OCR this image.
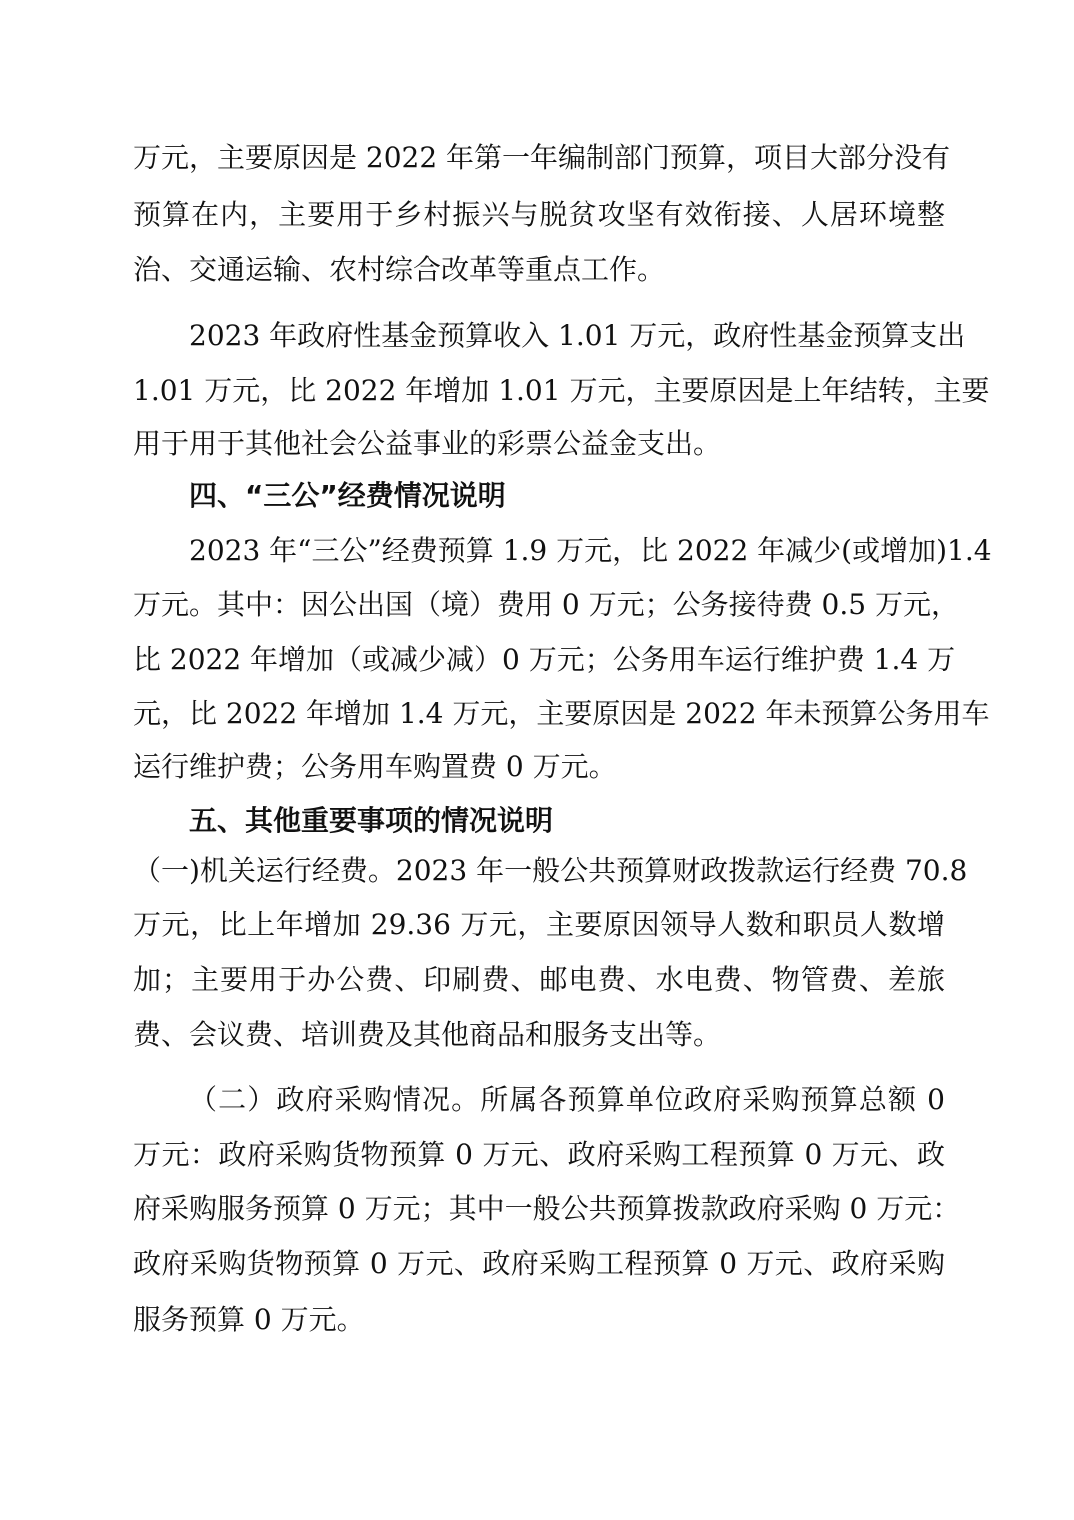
万元，主要原因是 2022 年第一年编制部门预算，项目大部分没有
预算在内，主要用于乡村振兴与脱贫攻坚有效衔接、人居环境整
治、交通运输、农村综合改革等重点工作。
2023 年政府性基金预算收入 1.01 万元，政府性基金预算支出
1.01 万元，比 2022 年增加 1.01 万元，主要原因是上年结转，主要
用于用于其他社会公益事业的彩票公益金支出。
四、“三公”经费情况说明
2023 年“三公”经费预算 1.9 万元，比 2022 年减少(或增加)1.4
万元。其中：因公出国（境）费用 0 万元；公务接待费 0.5 万元，
比 2022 年增加（或减少减）0 万元；公务用车运行维护费 1.4 万
元，比 2022 年增加 1.4 万元，主要原因是 2022 年未预算公务用车
运行维护费；公务用车购置费 0 万元。
五、其他重要事项的情况说明
（一)机关运行经费。2023 年一般公共预算财政拨款运行经费 70.8
万元，比上年增加 29.36 万元，主要原因领导人数和职员人数增
加；主要用于办公费、印刷费、邮电费、水电费、物管费、差旅
费、会议费、培训费及其他商品和服务支出等。
（二）政府采购情况。所属各预算单位政府采购预算总额 0
万元：政府采购货物预算 0 万元、政府采购工程预算 0 万元、政
府采购服务预算 0 万元；其中一般公共预算拨款政府采购 0 万元：
政府采购货物预算 0 万元、政府采购工程预算 0 万元、政府采购
服务预算 0 万元。
